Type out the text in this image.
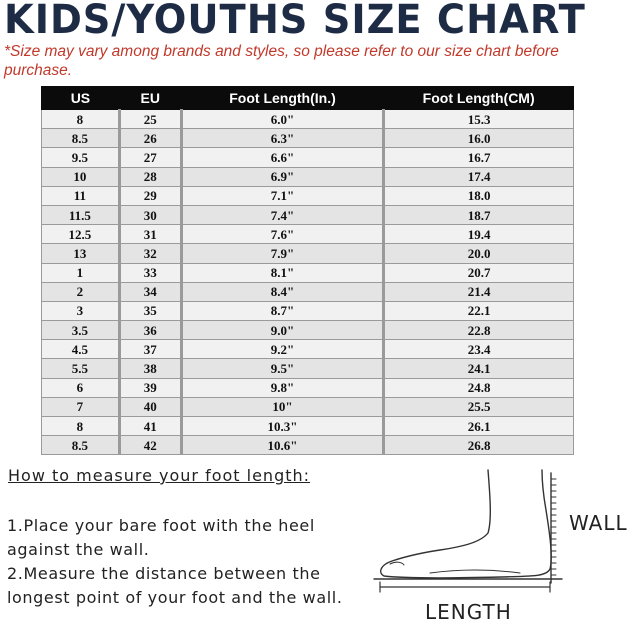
KIDS/YOUTHS SIZE CHART
*Size may vary among brands and styles, so please refer to our size chart before purchase.
US	EU	Foot Length(In.)	Foot Length(CM)
8	25	6.0"	15.3
8.5	26	6.3"	16.0
9.5	27	6.6"	16.7
10	28	6.9"	17.4
11	29	7.1"	18.0
11.5	30	7.4"	18.7
12.5	31	7.6"	19.4
13	32	7.9"	20.0
1	33	8.1"	20.7
2	34	8.4"	21.4
3	35	8.7"	22.1
3.5	36	9.0"	22.8
4.5	37	9.2"	23.4
5.5	38	9.5"	24.1
6	39	9.8"	24.8
7	40	10"	25.5
8	41	10.3"	26.1
8.5	42	10.6"	26.8
How to measure your foot length:
1.Place your bare foot with the heel against the wall.
2.Measure the distance between the longest point of your foot and the wall.
WALL
LENGTH
